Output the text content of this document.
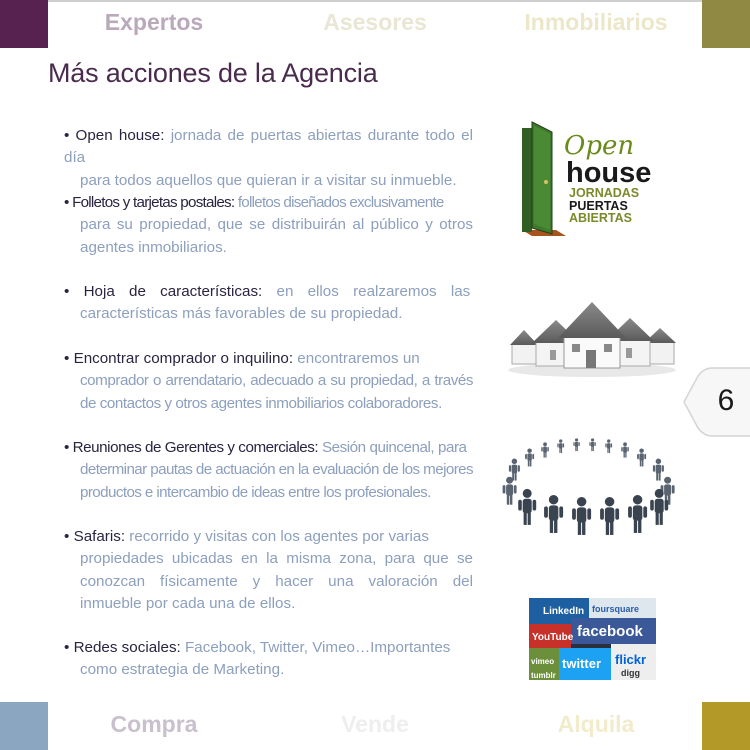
Expertos	Asesores	Inmobiliarios
Compra	Vende	Alquila
Más acciones de la Agencia
• Open house: jornada de puertas abiertas durante todo el día
para todos aquellos que quieran ir a visitar su inmueble.
• Folletos y tarjetas postales: folletos diseñados exclusivamente
para su propiedad, que se distribuirán al público y otros agentes inmobiliarios.
• Hoja de características: en ellos realzaremos las
características más favorables de su propiedad.
• Encontrar comprador o inquilino: encontraremos un
comprador o arrendatario, adecuado a su propiedad, a través de contactos y otros agentes inmobiliarios colaboradores.
• Reuniones de Gerentes y comerciales: Sesión quincenal, para
determinar pautas de actuación en la evaluación de los mejores productos e intercambio de ideas entre los profesionales.
• Safaris: recorrido y visitas con los agentes por varias
propiedades ubicadas en la misma zona, para que se conozcan físicamente y hacer una valoración del inmueble por cada una de ellos.
• Redes sociales: Facebook, Twitter, Vimeo…Importantes
como estrategia de Marketing.
Open
house
JORNADAS
PUERTAS
ABIERTAS
LinkedIn foursquare
YouTube facebook
vimeo twitter flickr
tumblr	digg
6
